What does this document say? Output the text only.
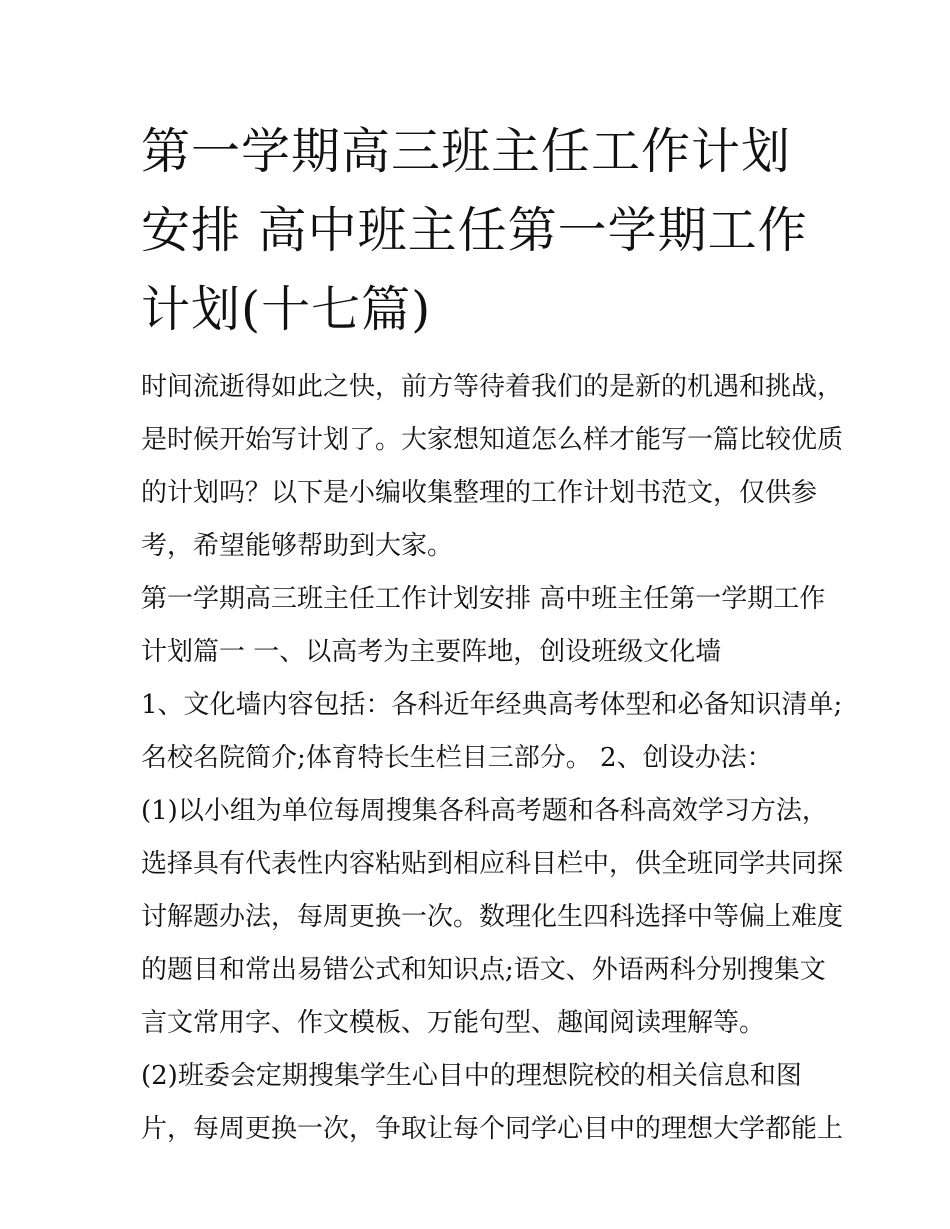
第一学期高三班主任工作计划
安排 高中班主任第一学期工作
计划(十七篇)
时间流逝得如此之快，前方等待着我们的是新的机遇和挑战，
是时候开始写计划了。大家想知道怎么样才能写一篇比较优质
的计划吗？以下是小编收集整理的工作计划书范文，仅供参
考，希望能够帮助到大家。
第一学期高三班主任工作计划安排 高中班主任第一学期工作
计划篇一 一、以高考为主要阵地，创设班级文化墙
1、文化墙内容包括：各科近年经典高考体型和必备知识清单;
名校名院简介;体育特长生栏目三部分。 2、创设办法：
(1)以小组为单位每周搜集各科高考题和各科高效学习方法，
选择具有代表性内容粘贴到相应科目栏中，供全班同学共同探
讨解题办法，每周更换一次。数理化生四科选择中等偏上难度
的题目和常出易错公式和知识点;语文、外语两科分别搜集文
言文常用字、作文模板、万能句型、趣闻阅读理解等。
(2)班委会定期搜集学生心目中的理想院校的相关信息和图
片，每周更换一次，争取让每个同学心目中的理想大学都能上
